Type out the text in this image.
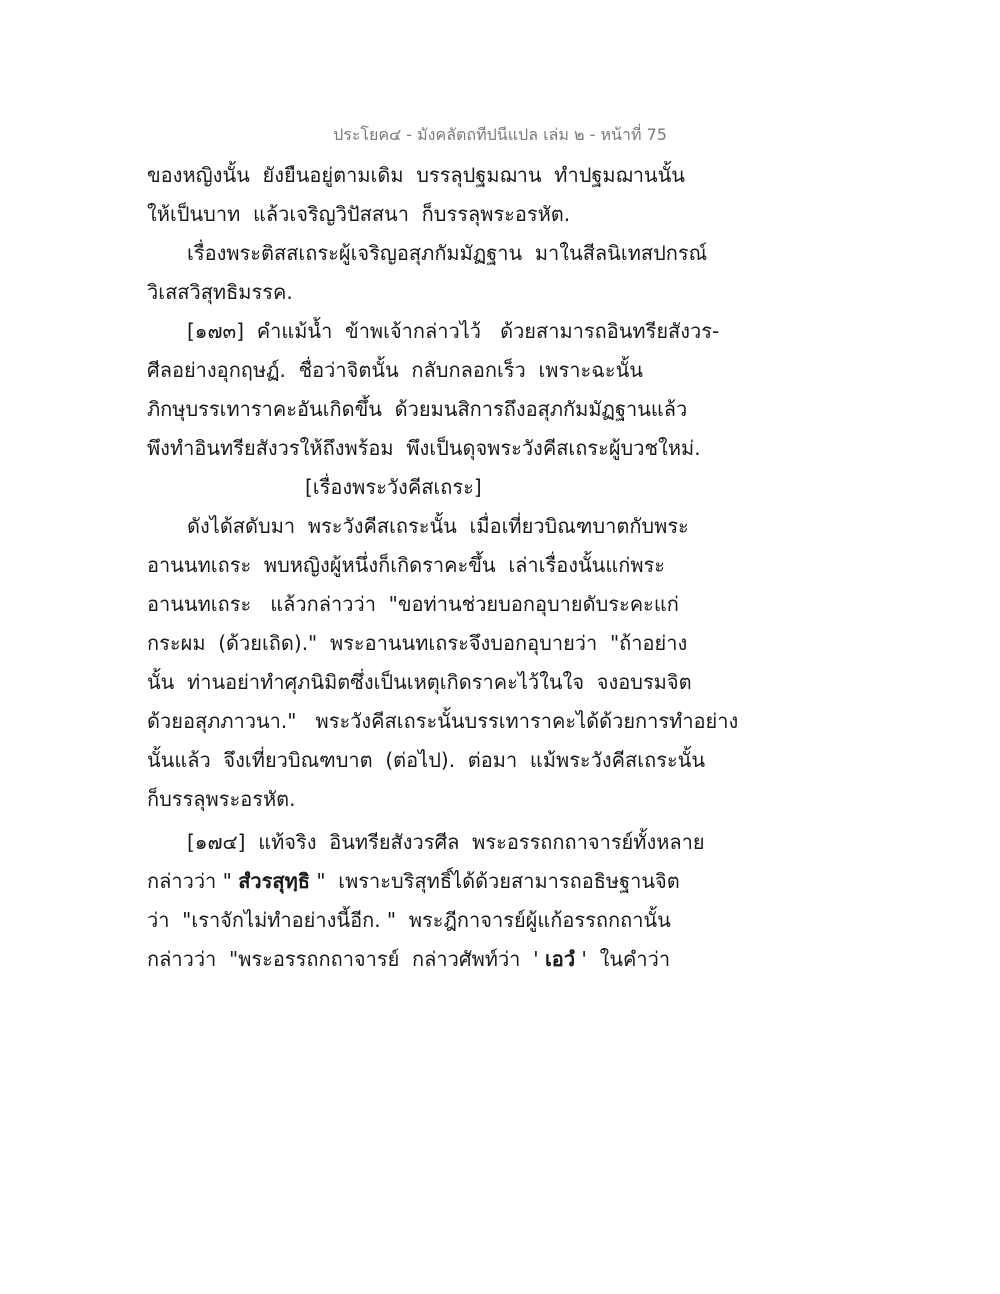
ประโยค๔ - มังคลัตถทีปนีแปล เล่ม ๒ - หน้าที่ 75
ของหญิงนั้น  ยังยืนอยู่ตามเดิม  บรรลุปฐมฌาน  ทำปฐมฌานนั้น
ให้เป็นบาท  แล้วเจริญวิปัสสนา  ก็บรรลุพระอรหัต.
เรื่องพระติสสเถระผู้เจริญอสุภกัมมัฏฐาน  มาในสีลนิเทสปกรณ์
วิเสสวิสุทธิมรรค.
[๑๗๓]  คำแม้น้ำ  ข้าพเจ้ากล่าวไว้   ด้วยสามารถอินทรียสังวร-
ศีลอย่างอุกฤษฏ์.  ชื่อว่าจิตนั้น  กลับกลอกเร็ว  เพราะฉะนั้น
ภิกษุบรรเทาราคะอันเกิดขึ้น  ด้วยมนสิการถึงอสุภกัมมัฏฐานแล้ว
พึงทำอินทรียสังวรให้ถึงพร้อม  พึงเป็นดุจพระวังคีสเถระผู้บวชใหม่.
[เรื่องพระวังคีสเถระ]
ดังได้สดับมา  พระวังคีสเถระนั้น  เมื่อเที่ยวบิณฑบาตกับพระ
อานนทเถระ  พบหญิงผู้หนึ่งก็เกิดราคะขึ้น  เล่าเรื่องนั้นแก่พระ
อานนทเถระ   แล้วกล่าวว่า  "ขอท่านช่วยบอกอุบายดับระคะแก่
กระผม  (ด้วยเถิด)."  พระอานนทเถระจึงบอกอุบายว่า  "ถ้าอย่าง
นั้น  ท่านอย่าทำศุภนิมิตซึ่งเป็นเหตุเกิดราคะไว้ในใจ  จงอบรมจิต
ด้วยอสุภภาวนา."   พระวังคีสเถระนั้นบรรเทาราคะได้ด้วยการทำอย่าง
นั้นแล้ว  จึงเที่ยวบิณฑบาต  (ต่อไป).  ต่อมา  แม้พระวังคีสเถระนั้น
ก็บรรลุพระอรหัต.
[๑๗๔]  แท้จริง  อินทรียสังวรศีล  พระอรรถกถาจารย์ทั้งหลาย
กล่าวว่า " สํวรสุทฺธิ "  เพราะบริสุทธิ์ได้ด้วยสามารถอธิษฐานจิต
ว่า  "เราจักไม่ทำอย่างนี้อีก. "  พระฎีกาจารย์ผู้แก้อรรถกถานั้น
กล่าวว่า  "พระอรรถกถาจารย์  กล่าวศัพท์ว่า  ' เอวํ '  ในคำว่า
